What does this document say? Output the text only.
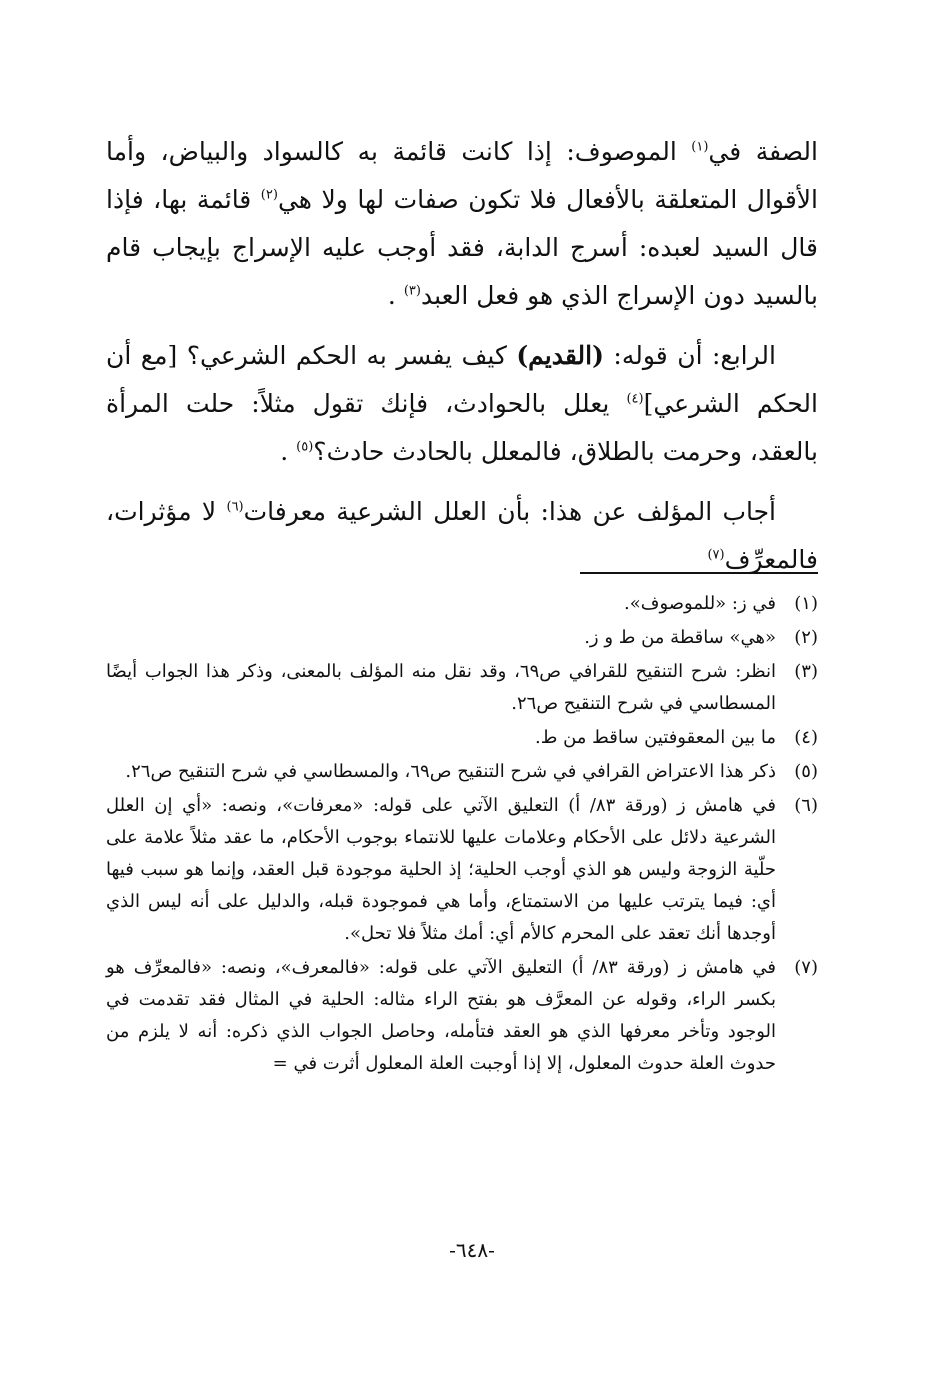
الصفة في$^{(١)}$ الموصوف: إذا كانت قائمة به كالسواد والبياض، وأما الأقوال المتعلقة بالأفعال فلا تكون صفات لها ولا هي$^{(٢)}$ قائمة بها، فإذا قال السيد لعبده: أسرج الدابة، فقد أوجب عليه الإسراج بإيجاب قام بالسيد دون الإسراج الذي هو فعل العبد$^{(٣)}$ .

الرابع: أن قوله: (القديم) كيف يفسر به الحكم الشرعي؟ [مع أن الحكم الشرعي]$^{(٤)}$ يعلل بالحوادث، فإنك تقول مثلاً: حلت المرأة بالعقد، وحرمت بالطلاق، فالمعلل بالحادث حادث؟$^{(٥)}$ .

أجاب المؤلف عن هذا: بأن العلل الشرعية معرفات$^{(٦)}$ لا مؤثرات، فالمعرِّف$^{(٧)}$

(١)
في ز: «للموصوف».
(٢)
«هي» ساقطة من ط و ز.
(٣)
انظر: شرح التنقيح للقرافي ص٦٩، وقد نقل منه المؤلف بالمعنى، وذكر هذا الجواب أيضًا المسطاسي في شرح التنقيح ص٢٦.
(٤)
ما بين المعقوفتين ساقط من ط.
(٥)
ذكر هذا الاعتراض القرافي في شرح التنقيح ص٦٩، والمسطاسي في شرح التنقيح ص٢٦.
(٦)
في هامش ز (ورقة ٨٣/ أ) التعليق الآتي على قوله: «معرفات»، ونصه: «أي إن العلل الشرعية دلائل على الأحكام وعلامات عليها للانتماء بوجوب الأحكام، ما عقد مثلاً علامة على حلّية الزوجة وليس هو الذي أوجب الحلية؛ إذ الحلية موجودة قبل العقد، وإنما هو سبب فيها أي: فيما يترتب عليها من الاستمتاع، وأما هي فموجودة قبله، والدليل على أنه ليس الذي أوجدها أنك تعقد على المحرم كالأم أي: أمك مثلاً فلا تحل».
(٧)
في هامش ز (ورقة ٨٣/ أ) التعليق الآتي على قوله: «فالمعرف»، ونصه: «فالمعرِّف هو بكسر الراء، وقوله عن المعرَّف هو بفتح الراء مثاله: الحلية في المثال فقد تقدمت في الوجود وتأخر معرفها الذي هو العقد فتأمله، وحاصل الجواب الذي ذكره: أنه لا يلزم من حدوث العلة حدوث المعلول، إلا إذا أوجبت العلة المعلول أثرت في =
-٦٤٨-
